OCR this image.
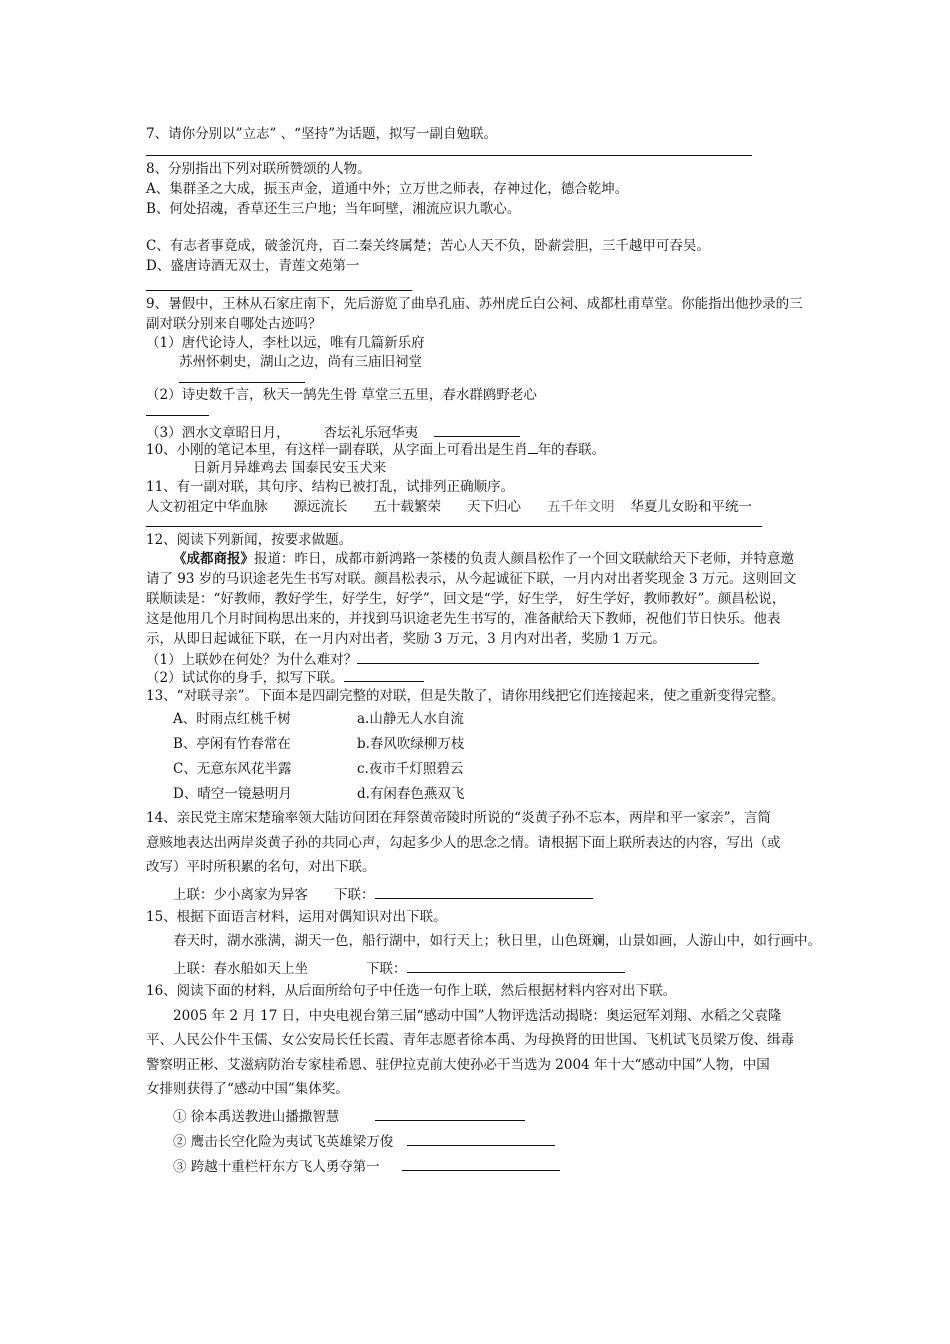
7、请你分别以”立志” 、“坚持”为话题，拟写一副自勉联。
8、分别指出下列对联所赞颂的人物。
A、集群圣之大成，振玉声金，道通中外；立万世之师表，存神过化，德合乾坤。
B、何处招魂，香草还生三户地；当年呵壁，湘流应识九歌心。
C、有志者事竟成，破釜沉舟，百二秦关终属楚；苦心人天不负，卧薪尝胆，三千越甲可吞吴。
D、盛唐诗酒无双士，青莲文苑第一
9、暑假中，王林从石家庄南下，先后游览了曲阜孔庙、苏州虎丘白公祠、成都杜甫草堂。你能指出他抄录的三
副对联分别来自哪处古迹吗？
（1）唐代论诗人，李杜以远，唯有几篇新乐府
苏州怀刺史，湖山之边，尚有三庙旧祠堂
（2）诗史数千言，秋天一鹄先生骨 草堂三五里，春水群鸥野老心
（3）泗水文章昭日月，	杏坛礼乐冠华夷
10、小刚的笔记本里，有这样一副春联，从字面上可看出是生肖 年的春联。
日新月异雄鸡去 国泰民安玉犬来
11、有一副对联，其句序、结构已被打乱，试排列正确顺序。
人文初祖定中华血脉 源远流长 五十载繁荣 天下归心 五千年文明 华夏儿女盼和平统一
12、阅读下列新闻，按要求做题。
《成都商报》报道：昨日，成都市新鸿路一茶楼的负责人颜昌松作了一个回文联献给天下老师，并特意邀
请了 93 岁的马识途老先生书写对联。颜昌松表示，从今起诚征下联，一月内对出者奖现金 3 万元。这则回文
联顺读是：“好教师，教好学生，好学生，好学”，回文是“学，好生学， 好生学好，教师教好”。颜昌松说，
这是他用几个月时间构思出来的，并找到马识途老先生书写的，准备献给天下教师，祝他们节日快乐。他表
示，从即日起诚征下联，在一月内对出者，奖励 3 万元，3 月内对出者，奖励 1 万元。
（1）上联妙在何处？为什么难对？
（2）试试你的身手，拟写下联。
13、“对联寻亲”。下面本是四副完整的对联，但是失散了，请你用线把它们连接起来，使之重新变得完整。
A、时雨点红桃千树	a.山静无人水自流
B、亭闲有竹春常在	b.春风吹绿柳万枝
C、无意东风花半露	c.夜市千灯照碧云
D、晴空一镜悬明月	d.有闲春色燕双飞
14、亲民党主席宋楚瑜率领大陆访问团在拜祭黄帝陵时所说的“炎黄子孙不忘本，两岸和平一家亲”，言简
意赅地表达出两岸炎黄子孙的共同心声，勾起多少人的思念之情。请根据下面上联所表达的内容，写出（或
改写）平时所积累的名句，对出下联。
上联：少小离家为异客 下联：
15、根据下面语言材料，运用对偶知识对出下联。
春天时，湖水涨满，湖天一色，船行湖中，如行天上；秋日里，山色斑斓，山景如画，人游山中，如行画中。
上联：春水船如天上坐	下联：
16、阅读下面的材料，从后面所给句子中任选一句作上联，然后根据材料内容对出下联。
2005 年 2 月 17 日，中央电视台第三届“感动中国”人物评选活动揭晓：奥运冠军刘翔、水稻之父袁隆
平、人民公仆牛玉儒、女公安局长任长霞、青年志愿者徐本禹、为母换肾的田世国、飞机试飞员梁万俊、缉毒
警察明正彬、艾滋病防治专家桂希恩、驻伊拉克前大使孙必干当选为 2004 年十大“感动中国”人物，中国
女排则获得了“感动中国”集体奖。
① 徐本禹送教进山播撒智慧
② 鹰击长空化险为夷试飞英雄梁万俊
③ 跨越十重栏杆东方飞人勇夺第一
